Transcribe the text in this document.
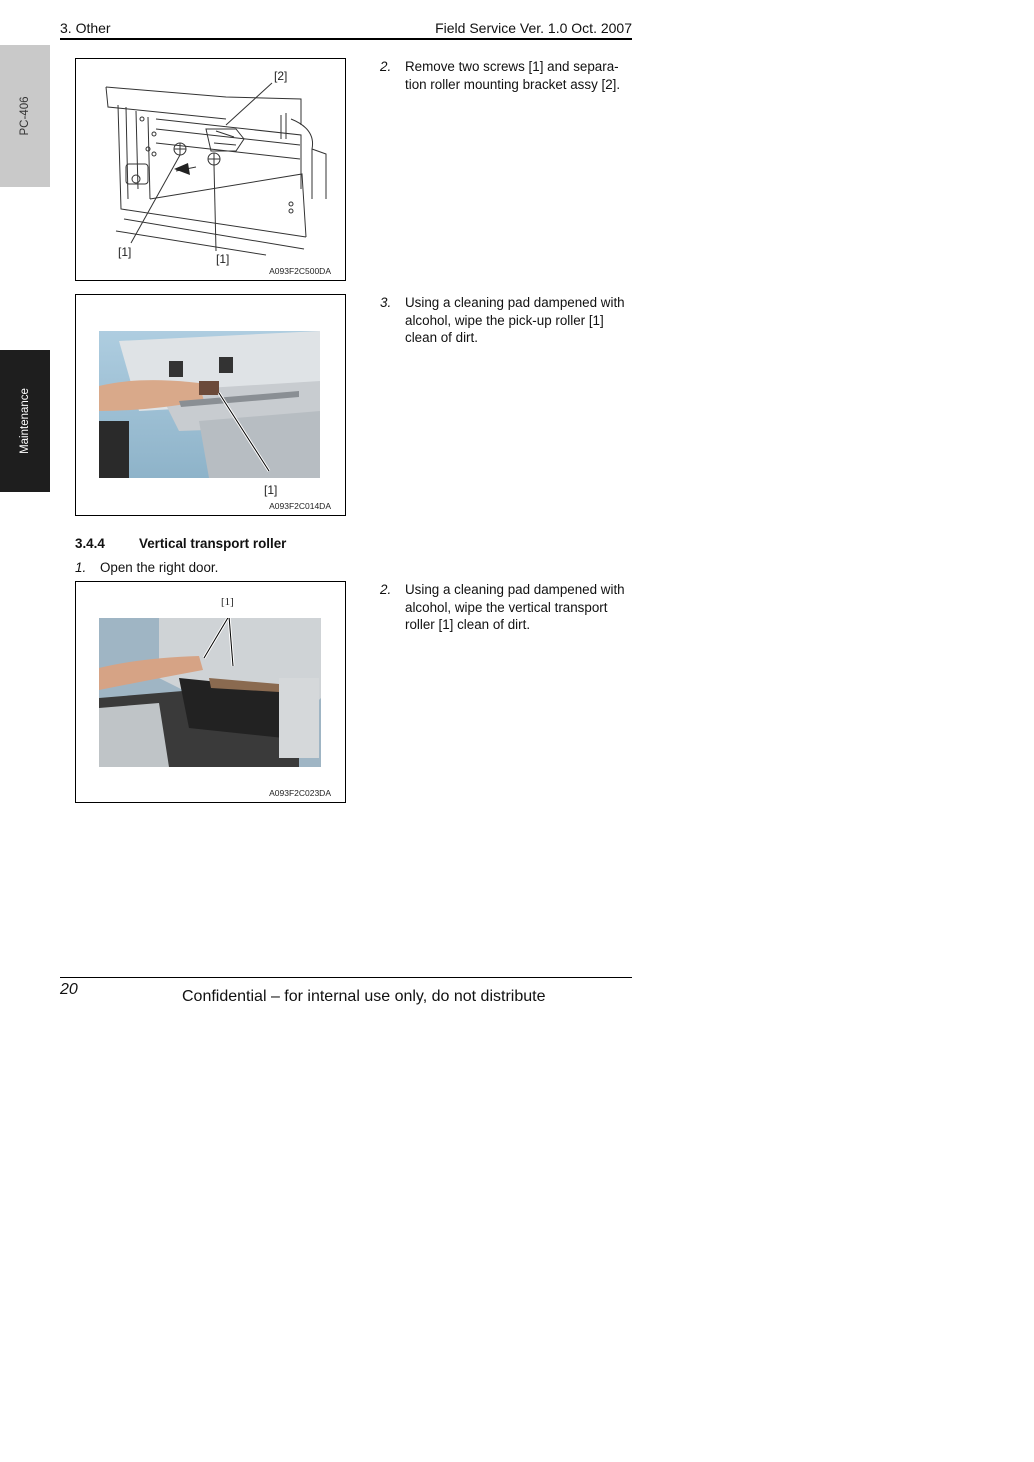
3. Other	Field Service Ver. 1.0 Oct. 2007
PC-406
Maintenance
[2]
[1]	[1]
A093F2C500DA
2. Remove two screws [1] and separa-tion roller mounting bracket assy [2].
[1]
A093F2C014DA
3. Using a cleaning pad dampened with alcohol, wipe the pick-up roller [1] clean of dirt.
3.4.4	Vertical transport roller
1. Open the right door.
[1]
A093F2C023DA
2. Using a cleaning pad dampened with alcohol, wipe the vertical transport roller [1] clean of dirt.
20	Confidential – for internal use only, do not distribute
